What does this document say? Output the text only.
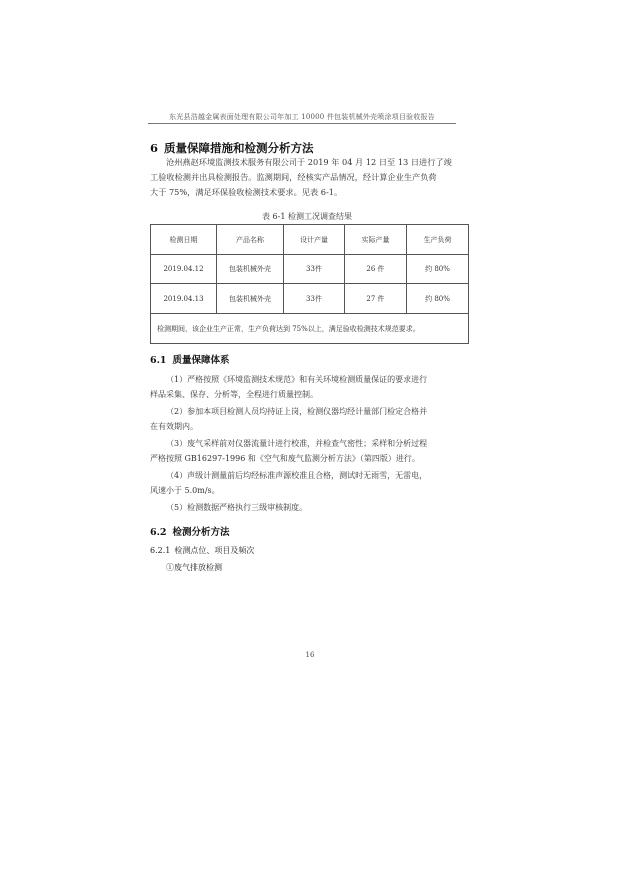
东光县浩越金属表面处理有限公司年加工 10000 件包装机械外壳喷涂项目验收报告
6 质量保障措施和检测分析方法
沧州燕赵环境监测技术服务有限公司于 2019 年 04 月 12 日至 13 日进行了竣
工验收检测并出具检测报告。监测期间，经核实产品情况，经计算企业生产负荷
大于 75%，满足环保验收检测技术要求。见表 6-1。
表 6-1 检测工况调查结果
检测日期	产品名称	设计产量	实际产量	生产负荷
2019.04.12	包装机械外壳	33件	26 件	约 80%
2019.04.13	包装机械外壳	33件	27 件	约 80%
检测期间，该企业生产正常，生产负荷达到 75%以上，满足验收检测技术规范要求。				
6.1 质量保障体系
（1）严格按照《环境监测技术规范》和有关环境检测质量保证的要求进行
样品采集、保存、分析等，全程进行质量控制。
（2）参加本项目检测人员均持证上岗，检测仪器均经计量部门检定合格并
在有效期内。
（3）废气采样前对仪器流量计进行校准，并检查气密性；采样和分析过程
严格按照 GB16297-1996 和《空气和废气监测分析方法》（第四版）进行。
（4）声级计测量前后均经标准声源校准且合格，测试时无雨雪，无雷电，
风速小于 5.0m/s。
（5）检测数据严格执行三级审核制度。
6.2 检测分析方法
6.2.1 检测点位、项目及频次
①废气排放检测
16
